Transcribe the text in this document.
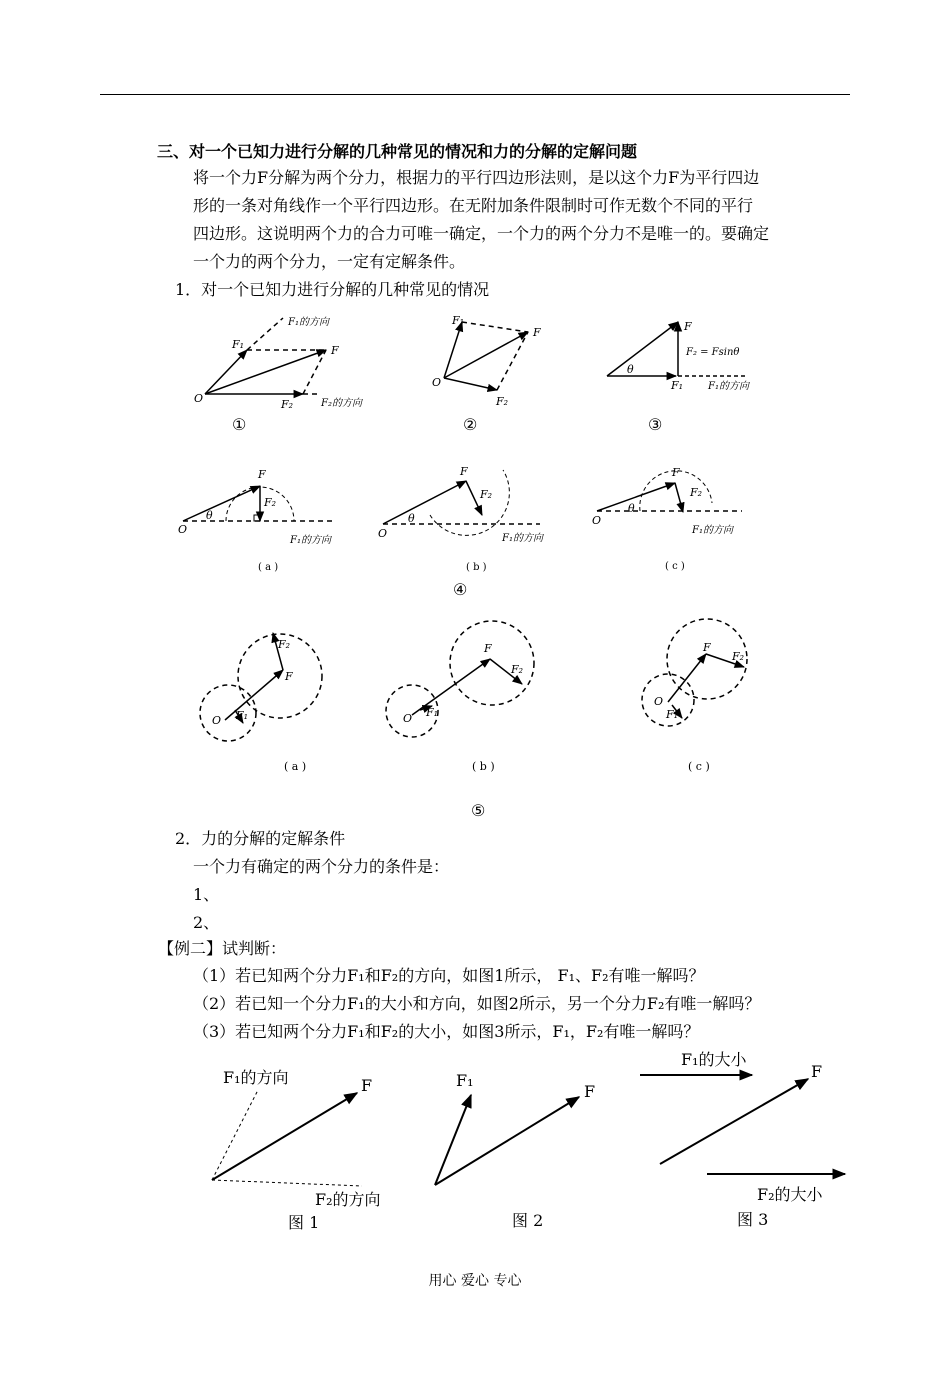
三、对一个已知力进行分解的几种常见的情况和力的分解的定解问题
将一个力F分解为两个分力，根据力的平行四边形法则，是以这个力F为平行四边
形的一条对角线作一个平行四边形。在无附加条件限制时可作无数个不同的平行
四边形。这说明两个力的合力可唯一确定，一个力的两个分力不是唯一的。要确定
一个力的两个分力，一定有定解条件。
1．对一个已知力进行分解的几种常见的情况
O
F
F₁
F₂
F₁的方向
F₂的方向
O
F
F₁
F₂
θ
F
F₁
F₂ = Fsinθ
F₁的方向
O
F
F₂
θ
F₁的方向
( a )
O
F
F₂
θ
F₁的方向
( b )
O
F
F₂
θ
F₁的方向
( c )
O
F
F₂
F₁
( a )
O
F
F₂
F₁
( b )
O
F
F₂
F₁
( c )
①	②	③
④
⑤
F₁的方向	F
F₂的方向
F₁
F
F₁的大小
F
F₂的大小
图 1	图 2	图 3
2．力的分解的定解条件
一个力有确定的两个分力的条件是：
1、
2、
【例二】试判断：
（1）若已知两个分力F₁和F₂的方向，如图1所示， F₁、F₂有唯一解吗？
（2）若已知一个分力F₁的大小和方向，如图2所示，另一个分力F₂有唯一解吗？
（3）若已知两个分力F₁和F₂的大小，如图3所示，F₁，F₂有唯一解吗？
用心 爱心 专心
